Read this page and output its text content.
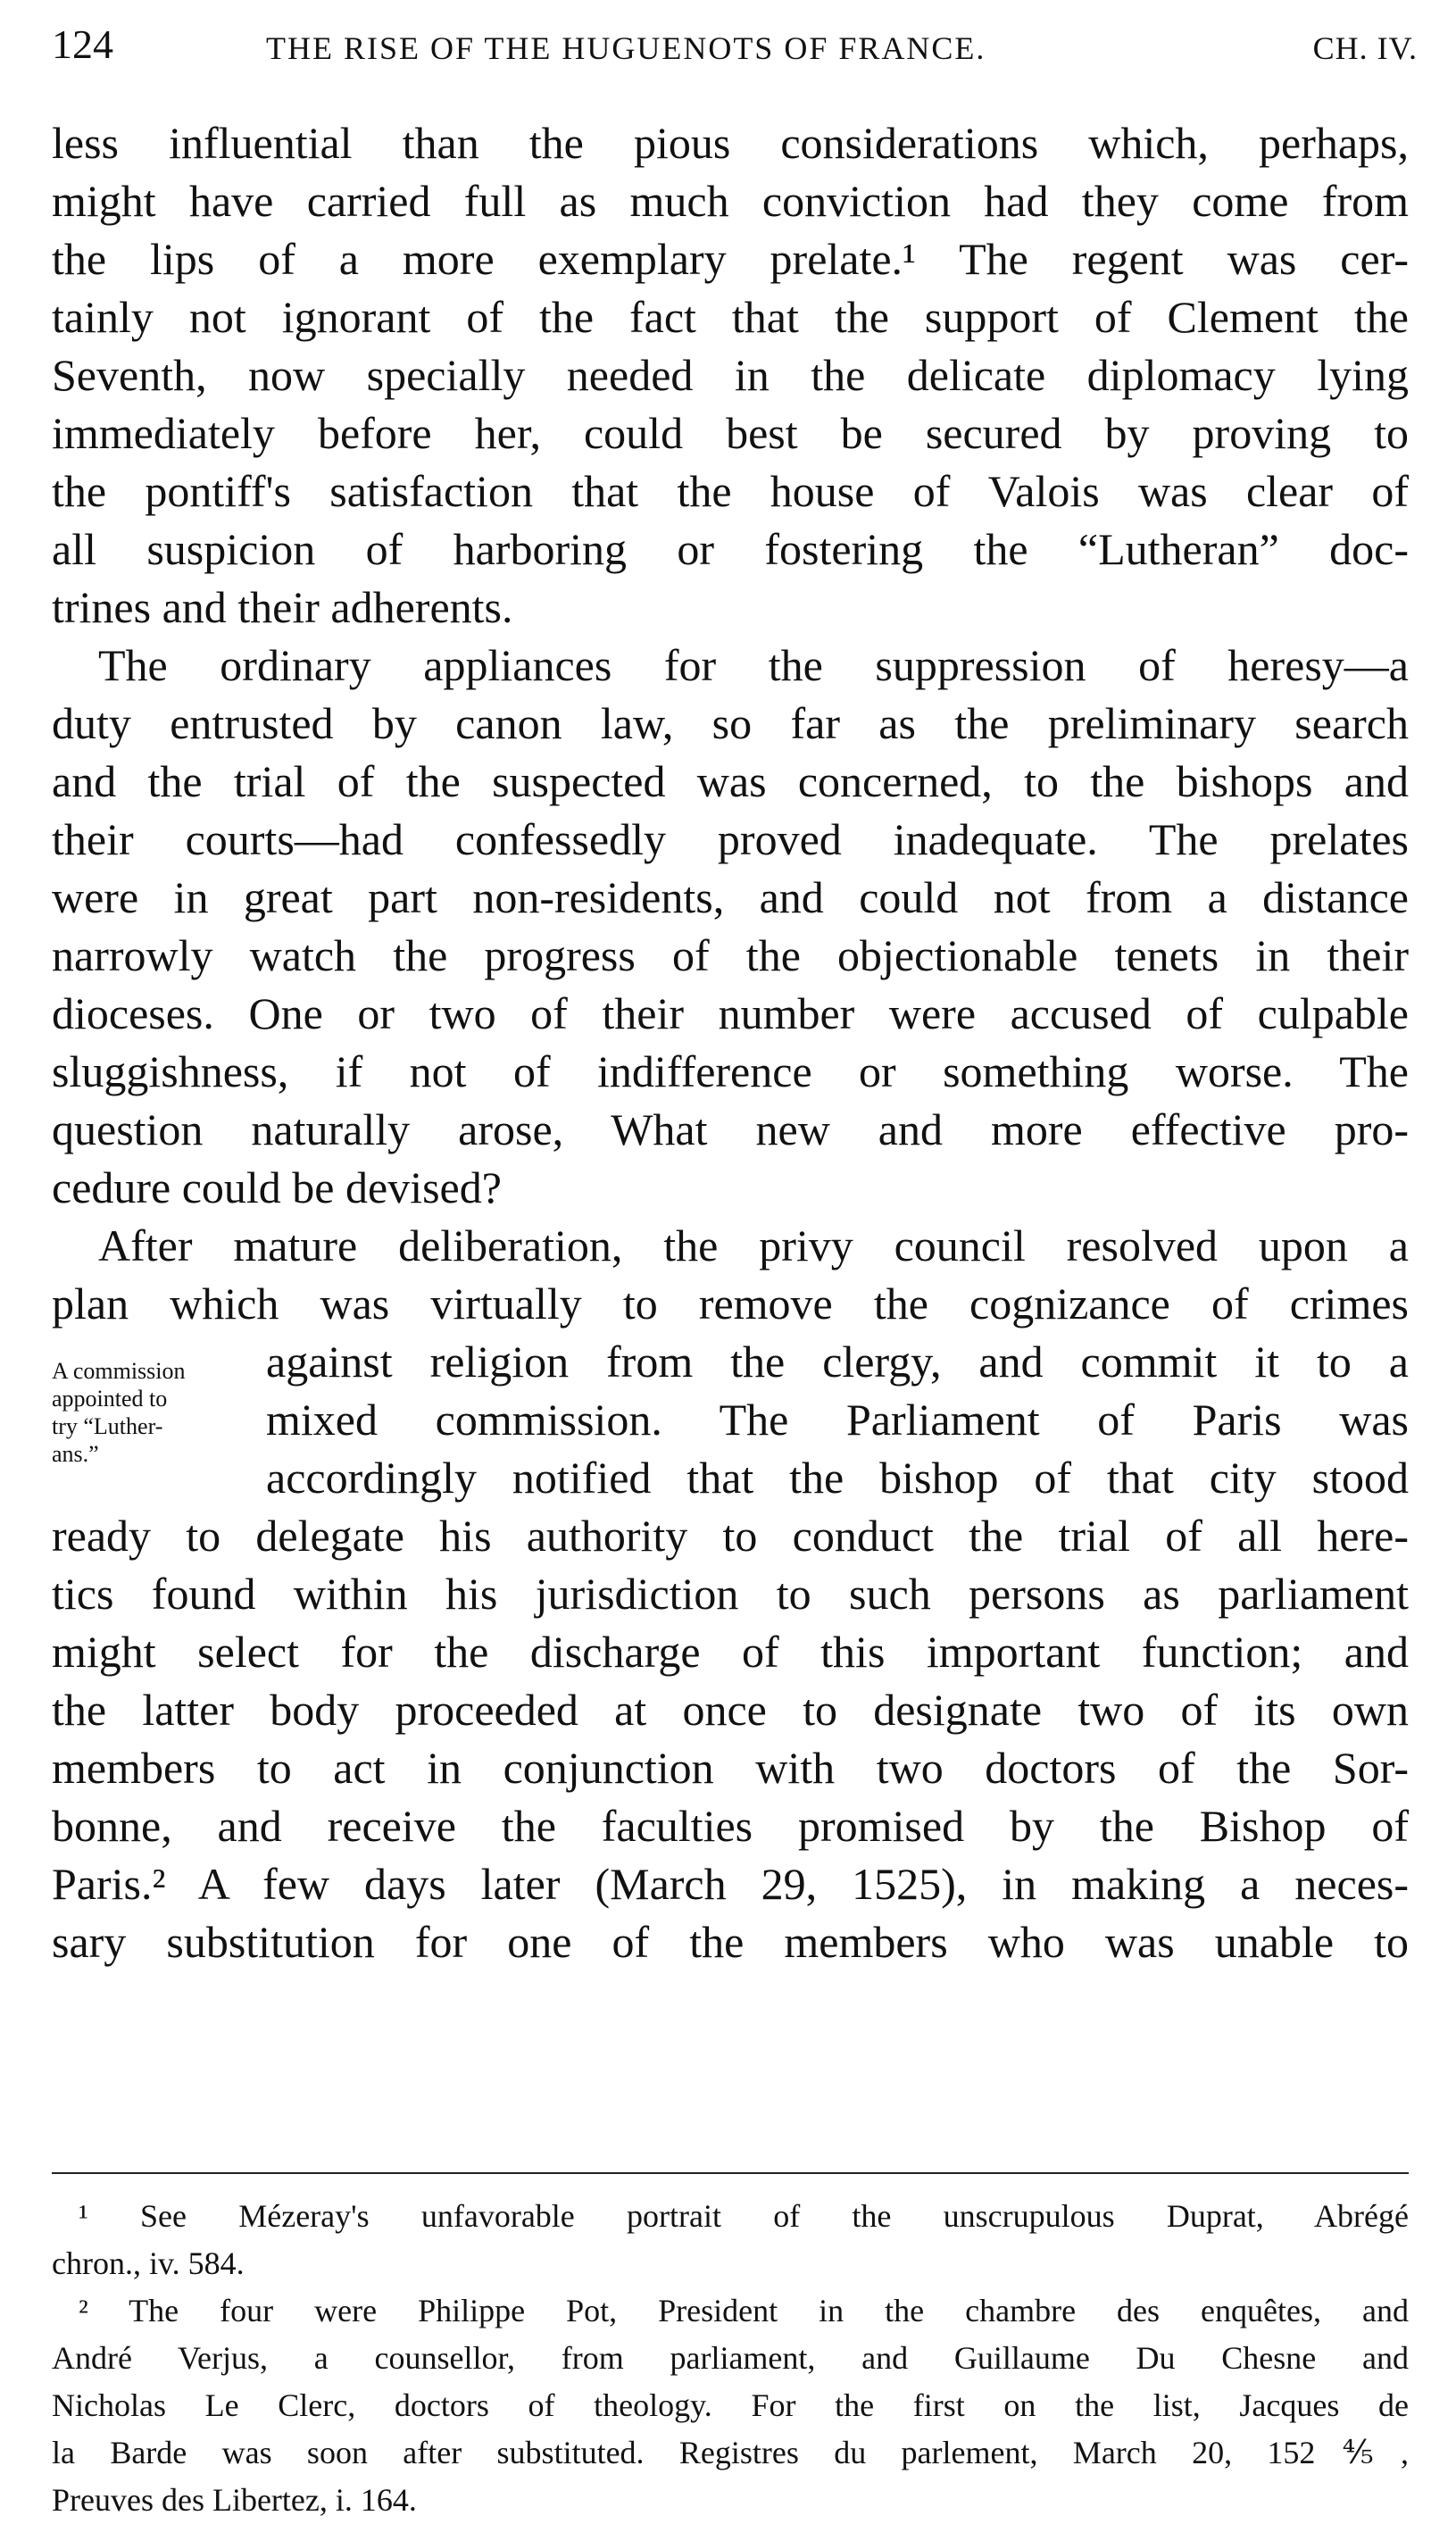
124	THE RISE OF THE HUGUENOTS OF FRANCE.	CH. IV.
less influential than the pious considerations which, perhaps,
might have carried full as much conviction had they come from
the lips of a more exemplary prelate.¹ The regent was cer-
tainly not ignorant of the fact that the support of Clement the
Seventh, now specially needed in the delicate diplomacy lying
immediately before her, could best be secured by proving to
the pontiff's satisfaction that the house of Valois was clear of
all suspicion of harboring or fostering the “Lutheran” doc-
trines and their adherents.
The ordinary appliances for the suppression of heresy—a
duty entrusted by canon law, so far as the preliminary search
and the trial of the suspected was concerned, to the bishops and
their courts—had confessedly proved inadequate. The prelates
were in great part non-residents, and could not from a distance
narrowly watch the progress of the objectionable tenets in their
dioceses. One or two of their number were accused of culpable
sluggishness, if not of indifference or something worse. The
question naturally arose, What new and more effective pro-
cedure could be devised?
After mature deliberation, the privy council resolved upon a
plan which was virtually to remove the cognizance of crimes
against religion from the clergy, and commit it to a
mixed commission. The Parliament of Paris was
accordingly notified that the bishop of that city stood
ready to delegate his authority to conduct the trial of all here-
tics found within his jurisdiction to such persons as parliament
might select for the discharge of this important function; and
the latter body proceeded at once to designate two of its own
members to act in conjunction with two doctors of the Sor-
bonne, and receive the faculties promised by the Bishop of
Paris.² A few days later (March 29, 1525), in making a neces-
sary substitution for one of the members who was unable to
A commission
appointed to
try “Luther-
ans.”
¹ See Mézeray's unfavorable portrait of the unscrupulous Duprat, Abrégé
chron., iv. 584.
² The four were Philippe Pot, President in the chambre des enquêtes, and
André Verjus, a counsellor, from parliament, and Guillaume Du Chesne and
Nicholas Le Clerc, doctors of theology. For the first on the list, Jacques de
la Barde was soon after substituted. Registres du parlement, March 20, 152⅘,
Preuves des Libertez, i. 164.
